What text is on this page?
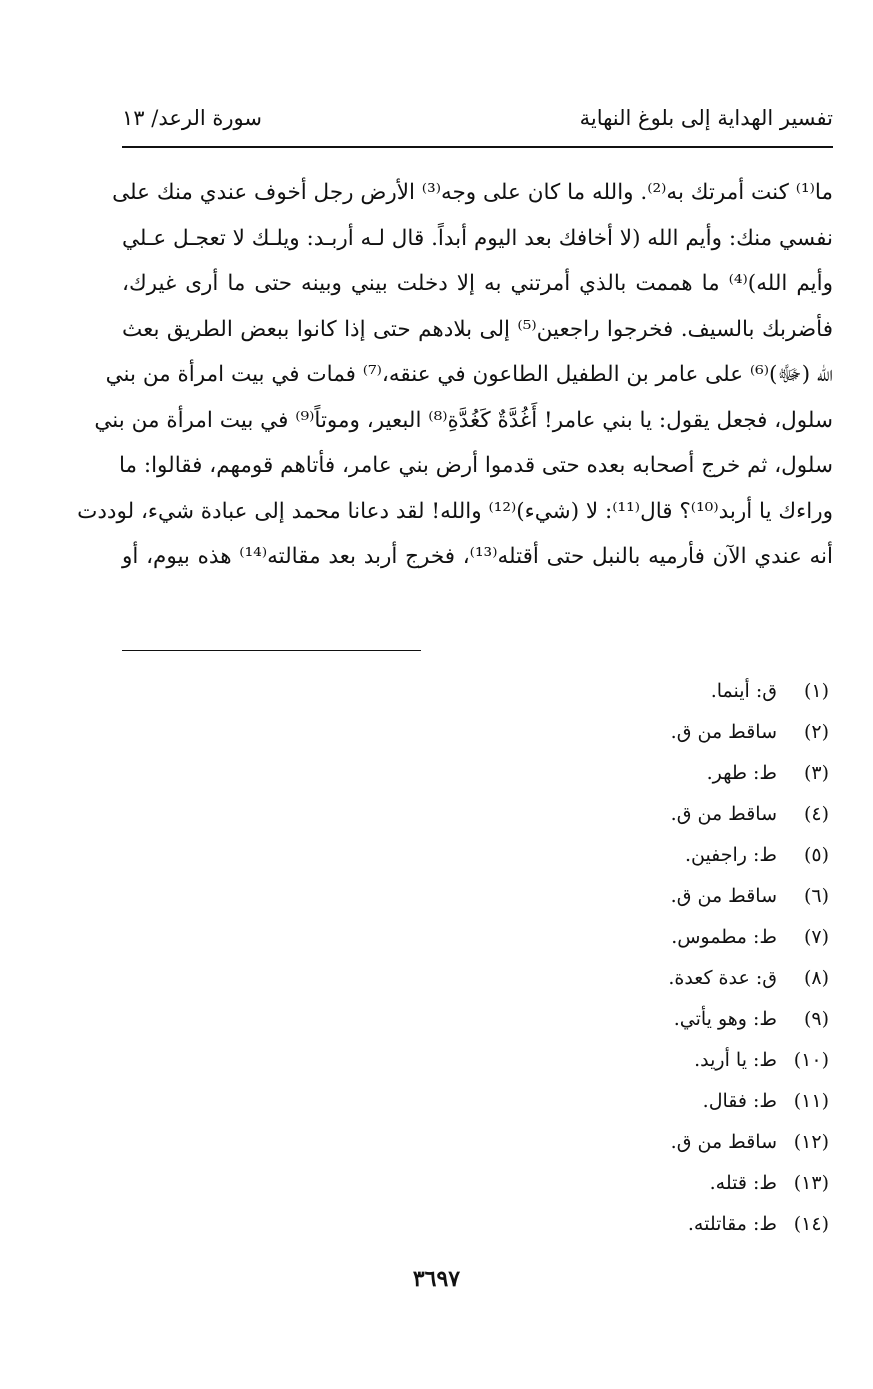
تفسير الهداية إلى بلوغ النهاية
سورة الرعد/ ١٣
ما⁽¹⁾ كنت أمرتك به⁽²⁾. والله ما كان على وجه⁽³⁾ الأرض رجل أخوف عندي منك على
نفسي منك: وأيم الله (لا أخافك بعد اليوم أبداً. قال لـه أربـد: ويلـك لا تعجـل عـلي
وأيم الله)⁽⁴⁾ ما هممت بالذي أمرتني به إلا دخلت بيني وبينه حتى ما أرى غيرك،
فأضربك بالسيف. فخرجوا راجعين⁽⁵⁾ إلى بلادهم حتى إذا كانوا ببعض الطريق بعث
الله (ﷻ)⁽⁶⁾ على عامر بن الطفيل الطاعون في عنقه،⁽⁷⁾ فمات في بيت امرأة من بني
سلول، فجعل يقول: يا بني عامر! أَغُدَّةٌ كَغُدَّةِ⁽⁸⁾ البعير، وموتاً⁽⁹⁾ في بيت امرأة من بني
سلول، ثم خرج أصحابه بعده حتى قدموا أرض بني عامر، فأتاهم قومهم، فقالوا: ما
وراءك يا أربد⁽¹⁰⁾؟ قال⁽¹¹⁾: لا (شيء)⁽¹²⁾ والله! لقد دعانا محمد إلى عبادة شيء، لوددت
أنه عندي الآن فأرميه بالنبل حتى أقتله⁽¹³⁾، فخرج أربد بعد مقالته⁽¹⁴⁾ هذه بيوم، أو
(١)
ق: أينما.
(٢)
ساقط من ق.
(٣)
ط: طهر.
(٤)
ساقط من ق.
(٥)
ط: راجفين.
(٦)
ساقط من ق.
(٧)
ط: مطموس.
(٨)
ق: عدة كعدة.
(٩)
ط: وهو يأتي.
(١٠)
ط: يا أريد.
(١١)
ط: فقال.
(١٢)
ساقط من ق.
(١٣)
ط: قتله.
(١٤)
ط: مقاتلته.
٣٦٩٧
